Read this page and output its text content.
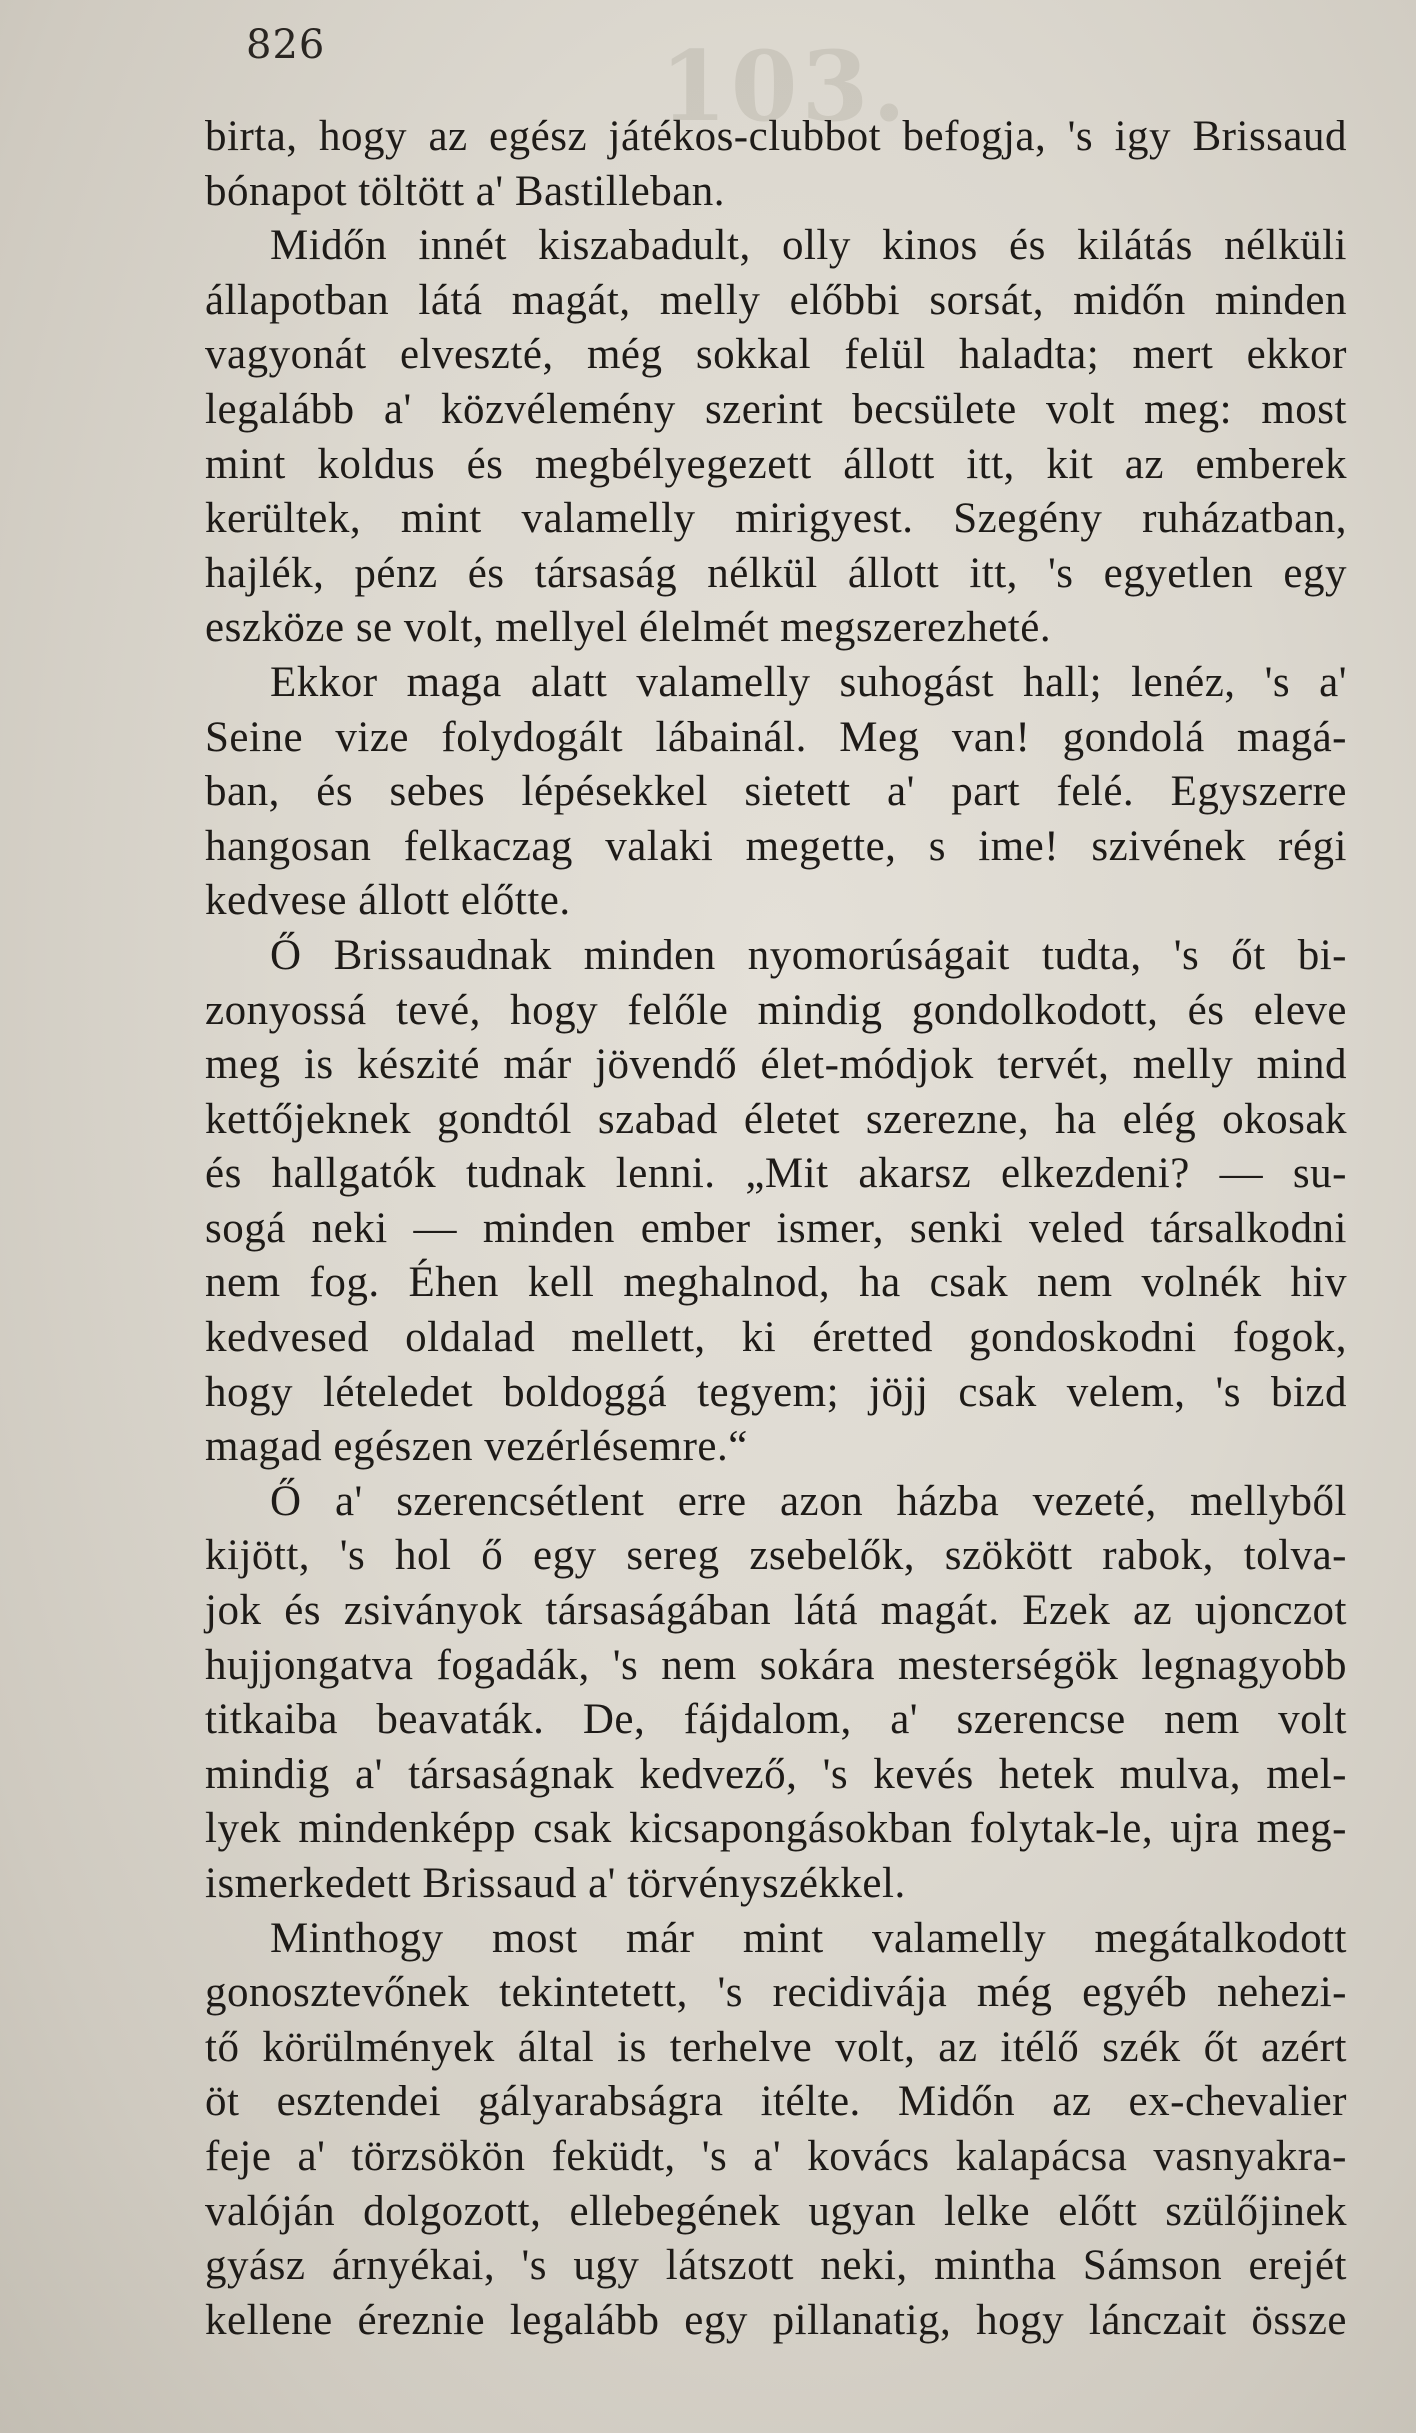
103.
826
birta, hogy az egész játékos-clubbot befogja, 's igy Brissaud
bónapot töltött a' Bastilleban.
Midőn innét kiszabadult, olly kinos és kilátás nélküli
állapotban látá magát, melly előbbi sorsát, midőn minden
vagyonát elveszté, még sokkal felül haladta; mert ekkor
legalább a' közvélemény szerint becsülete volt meg: most
mint koldus és megbélyegezett állott itt, kit az emberek
kerültek, mint valamelly mirigyest. Szegény ruházatban,
hajlék, pénz és társaság nélkül állott itt, 's egyetlen egy
eszköze se volt, mellyel élelmét megszerezheté.
Ekkor maga alatt valamelly suhogást hall; lenéz, 's a'
Seine vize folydogált lábainál. Meg van! gondolá magá-
ban, és sebes lépésekkel sietett a' part felé. Egyszerre
hangosan felkaczag valaki megette, s ime! szivének régi
kedvese állott előtte.
Ő Brissaudnak minden nyomorúságait tudta, 's őt bi-
zonyossá tevé, hogy felőle mindig gondolkodott, és eleve
meg is készité már jövendő élet-módjok tervét, melly mind
kettőjeknek gondtól szabad életet szerezne, ha elég okosak
és hallgatók tudnak lenni. „Mit akarsz elkezdeni? — su-
sogá neki — minden ember ismer, senki veled társalkodni
nem fog. Éhen kell meghalnod, ha csak nem volnék hiv
kedvesed oldalad mellett, ki éretted gondoskodni fogok,
hogy lételedet boldoggá tegyem; jöjj csak velem, 's bizd
magad egészen vezérlésemre.“
Ő a' szerencsétlent erre azon házba vezeté, mellyből
kijött, 's hol ő egy sereg zsebelők, szökött rabok, tolva-
jok és zsiványok társaságában látá magát. Ezek az ujonczot
hujjongatva fogadák, 's nem sokára mesterségök legnagyobb
titkaiba beavaták. De, fájdalom, a' szerencse nem volt
mindig a' társaságnak kedvező, 's kevés hetek mulva, mel-
lyek mindenképp csak kicsapongásokban folytak-le, ujra meg-
ismerkedett Brissaud a' törvényszékkel.
Minthogy most már mint valamelly megátalkodott
gonosztevőnek tekintetett, 's recidivája még egyéb nehezi-
tő körülmények által is terhelve volt, az itélő szék őt azért
öt esztendei gályarabságra itélte. Midőn az ex-chevalier
feje a' törzsökön feküdt, 's a' kovács kalapácsa vasnyakra-
valóján dolgozott, ellebegének ugyan lelke előtt szülőjinek
gyász árnyékai, 's ugy látszott neki, mintha Sámson erejét
kellene éreznie legalább egy pillanatig, hogy lánczait össze
